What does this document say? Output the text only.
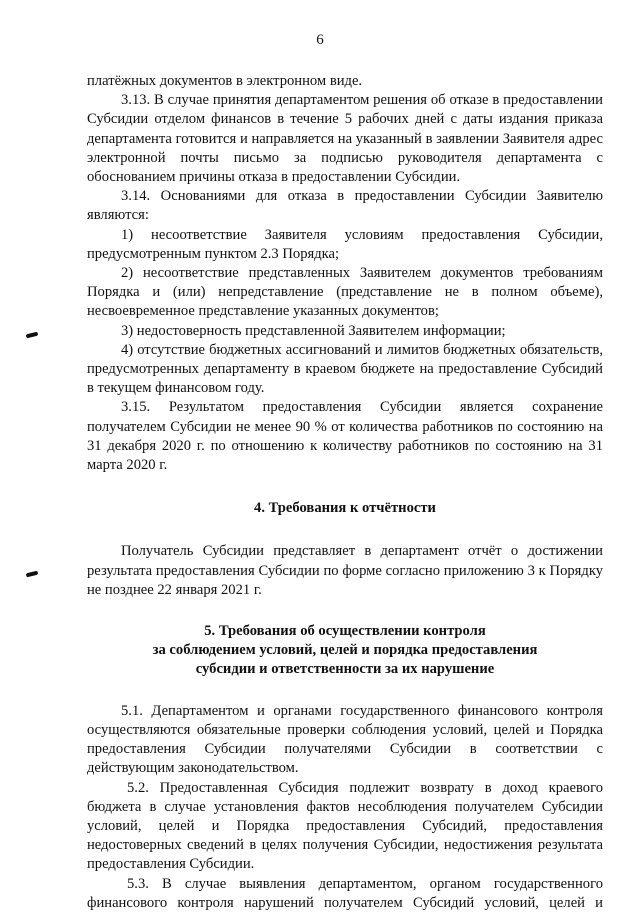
6

платёжных документов в электронном виде.

3.13. В случае принятия департаментом решения об отказе в предоставлении Субсидии отделом финансов в течение 5 рабочих дней с даты издания приказа департамента готовится и направляется на указанный в заявлении Заявителя адрес электронной почты письмо за подписью руководителя департамента с обоснованием причины отказа в предоставлении Субсидии.

3.14. Основаниями для отказа в предоставлении Субсидии Заявителю являются:

1) несоответствие Заявителя условиям предоставления Субсидии, предусмотренным пунктом 2.3 Порядка;

2) несоответствие представленных Заявителем документов требованиям Порядка и (или) непредставление (представление не в полном объеме), несвоевременное представление указанных документов;

3) недостоверность представленной Заявителем информации;

4) отсутствие бюджетных ассигнований и лимитов бюджетных обязательств, предусмотренных департаменту в краевом бюджете на предоставление Субсидий в текущем финансовом году.

3.15. Результатом предоставления Субсидии является сохранение получателем Субсидии не менее 90 % от количества работников по состоянию на 31 декабря 2020 г. по отношению к количеству работников по состоянию на 31 марта 2020 г.

4. Требования к отчётности

Получатель Субсидии представляет в департамент отчёт о достижении результата предоставления Субсидии по форме согласно приложению 3 к Порядку не позднее 22 января 2021 г.

5. Требования об осуществлении контроля
за соблюдением условий, целей и порядка предоставления
субсидии и ответственности за их нарушение

5.1. Департаментом и органами государственного финансового контроля осуществляются обязательные проверки соблюдения условий, целей и Порядка предоставления Субсидии получателями Субсидии в соответствии с действующим законодательством.

5.2. Предоставленная Субсидия подлежит возврату в доход краевого бюджета в случае установления фактов несоблюдения получателем Субсидии условий, целей и Порядка предоставления Субсидий, предоставления недостоверных сведений в целях получения Субсидии, недостижения результата предоставления Субсидии.

5.3. В случае выявления департаментом, органом государственного финансового контроля нарушений получателем Субсидий условий, целей и
